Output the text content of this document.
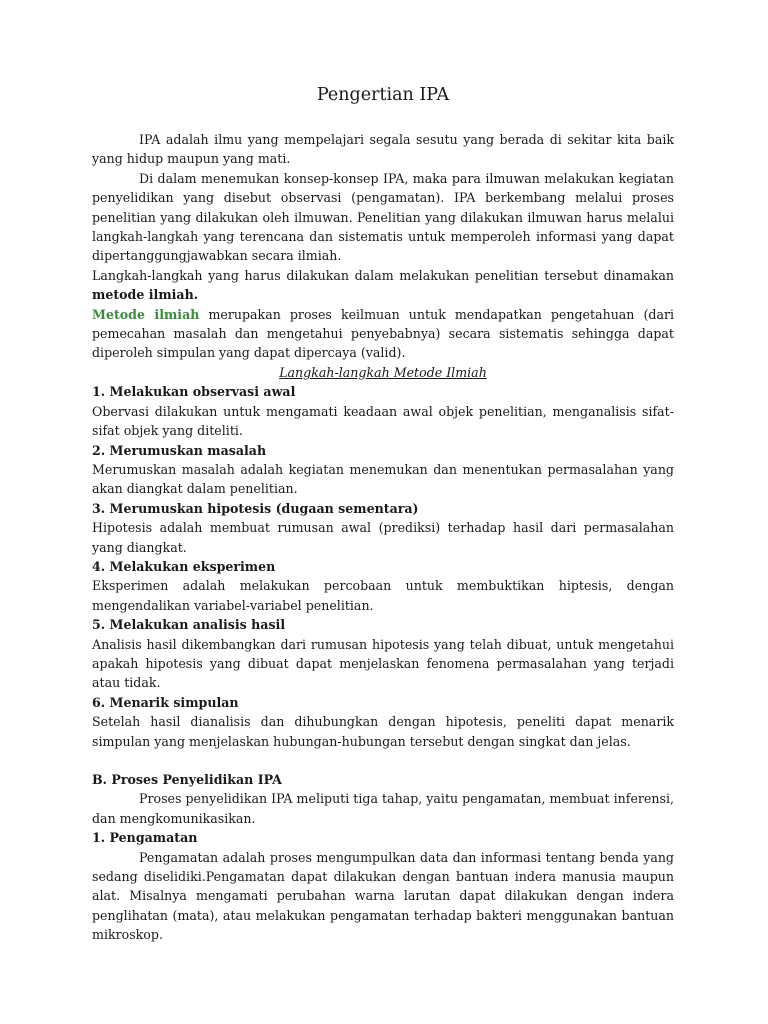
Pengertian IPA

IPA adalah ilmu yang mempelajari segala sesutu yang berada di sekitar kita baik yang hidup maupun yang mati.

Di dalam menemukan konsep-konsep IPA, maka para ilmuwan melakukan kegiatan penyelidikan yang disebut observasi (pengamatan). IPA berkembang melalui proses penelitian yang dilakukan oleh ilmuwan. Penelitian yang dilakukan ilmuwan harus melalui langkah-langkah yang terencana dan sistematis untuk memperoleh informasi yang dapat dipertanggungjawabkan secara ilmiah.

Langkah-langkah yang harus dilakukan dalam melakukan penelitian tersebut dinamakan metode ilmiah.

Metode ilmiah merupakan proses keilmuan untuk mendapatkan pengetahuan (dari pemecahan masalah dan mengetahui penyebabnya) secara sistematis sehingga dapat diperoleh simpulan yang dapat dipercaya (valid).

Langkah-langkah Metode Ilmiah

1. Melakukan observasi awal

Obervasi dilakukan untuk mengamati keadaan awal objek penelitian, menganalisis sifat-sifat objek yang diteliti.

2. Merumuskan masalah

Merumuskan masalah adalah kegiatan menemukan dan menentukan permasalahan yang akan diangkat dalam penelitian.

3. Merumuskan hipotesis (dugaan sementara)

Hipotesis adalah membuat rumusan awal (prediksi) terhadap hasil dari permasalahan yang diangkat.

4. Melakukan eksperimen

Eksperimen adalah melakukan percobaan untuk membuktikan hiptesis, dengan mengendalikan variabel-variabel penelitian.

5. Melakukan analisis hasil

Analisis hasil dikembangkan dari rumusan hipotesis yang telah dibuat, untuk mengetahui apakah hipotesis yang dibuat dapat menjelaskan fenomena permasalahan yang terjadi atau tidak.

6. Menarik simpulan

Setelah hasil dianalisis dan dihubungkan dengan hipotesis, peneliti dapat menarik simpulan yang menjelaskan hubungan-hubungan tersebut dengan singkat dan jelas.

B. Proses Penyelidikan IPA

Proses penyelidikan IPA meliputi tiga tahap, yaitu pengamatan, membuat inferensi, dan mengkomunikasikan.

1. Pengamatan

Pengamatan adalah proses mengumpulkan data dan informasi tentang benda yang sedang diselidiki.Pengamatan dapat dilakukan dengan bantuan indera manusia maupun alat. Misalnya mengamati perubahan warna larutan dapat dilakukan dengan indera penglihatan (mata), atau melakukan pengamatan terhadap bakteri menggunakan bantuan mikroskop.
